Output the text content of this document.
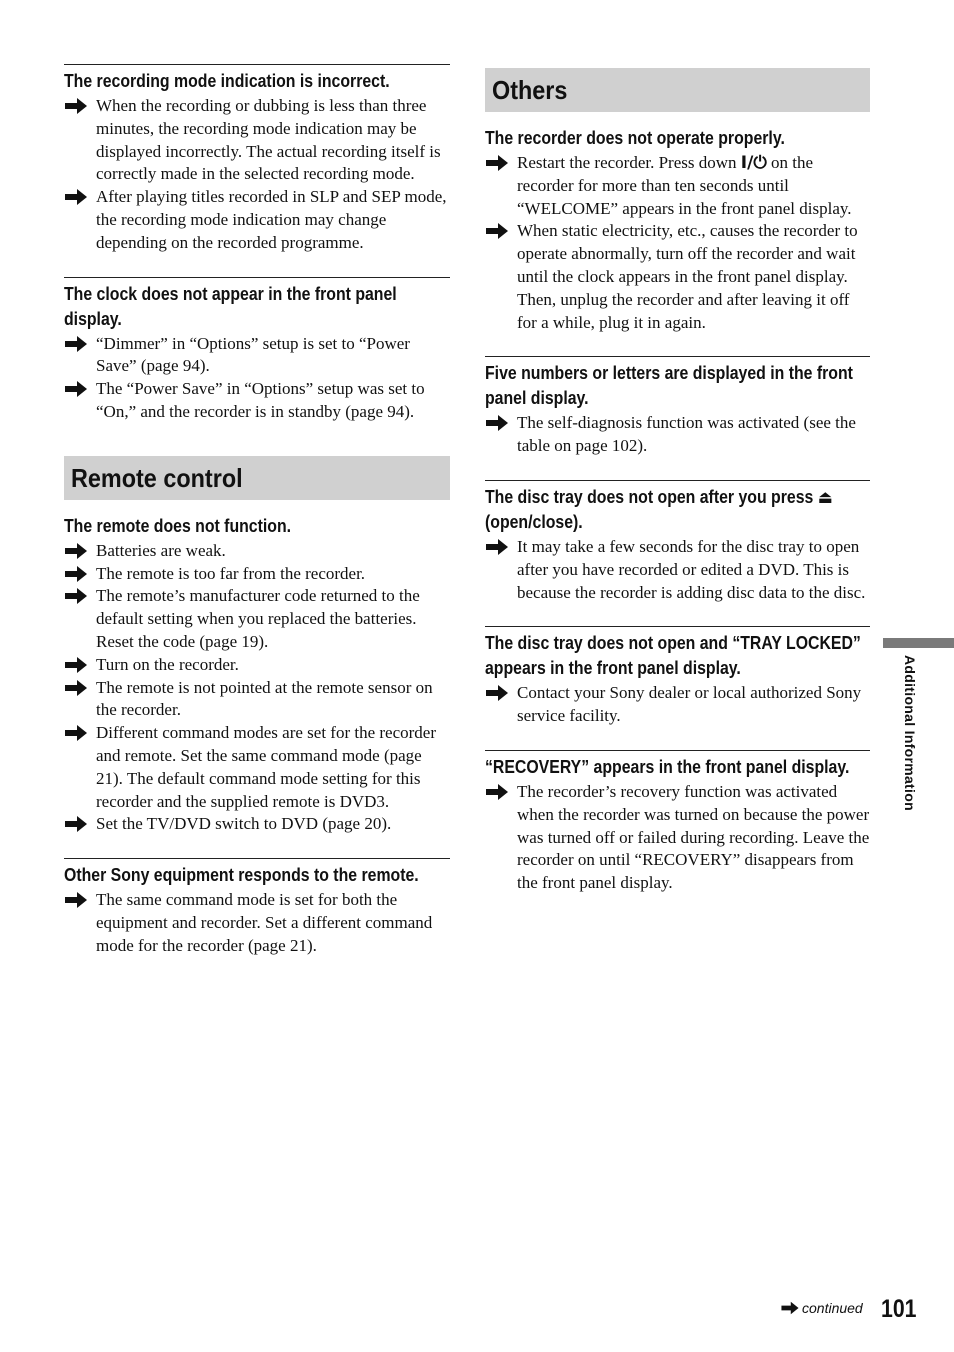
The recording mode indication is incorrect.
When the recording or dubbing is less than three minutes, the recording mode indication may be displayed incorrectly. The actual recording itself is correctly made in the selected recording mode.
After playing titles recorded in SLP and SEP mode, the recording mode indication may change depending on the recorded programme.
The clock does not appear in the front panel display.
“Dimmer” in “Options” setup is set to “Power Save” (page 94).
The “Power Save” in “Options” setup was set to “On,” and the recorder is in standby (page 94).
Remote control
The remote does not function.
Batteries are weak.
The remote is too far from the recorder.
The remote’s manufacturer code returned to the default setting when you replaced the batteries. Reset the code (page 19).
Turn on the recorder.
The remote is not pointed at the remote sensor on the recorder.
Different command modes are set for the recorder and remote. Set the same command mode (page 21). The default command mode setting for this recorder and the supplied remote is DVD3.
Set the TV/DVD switch to DVD (page 20).
Other Sony equipment responds to the remote.
The same command mode is set for both the equipment and recorder. Set a different command mode for the recorder (page 21).
Others
The recorder does not operate properly.
Restart the recorder. Press down I/⏻ on the recorder for more than ten seconds until “WELCOME” appears in the front panel display.
When static electricity, etc., causes the recorder to operate abnormally, turn off the recorder and wait until the clock appears in the front panel display. Then, unplug the recorder and after leaving it off for a while, plug it in again.
Five numbers or letters are displayed in the front panel display.
The self-diagnosis function was activated (see the table on page 102).
The disc tray does not open after you press ⏏ (open/close).
It may take a few seconds for the disc tray to open after you have recorded or edited a DVD. This is because the recorder is adding disc data to the disc.
The disc tray does not open and “TRAY LOCKED” appears in the front panel display.
Contact your Sony dealer or local authorized Sony service facility.
“RECOVERY” appears in the front panel display.
The recorder’s recovery function was activated when the recorder was turned on because the power was turned off or failed during recording. Leave the recorder on until “RECOVERY” disappears from the front panel display.
Additional Information
continued 101
